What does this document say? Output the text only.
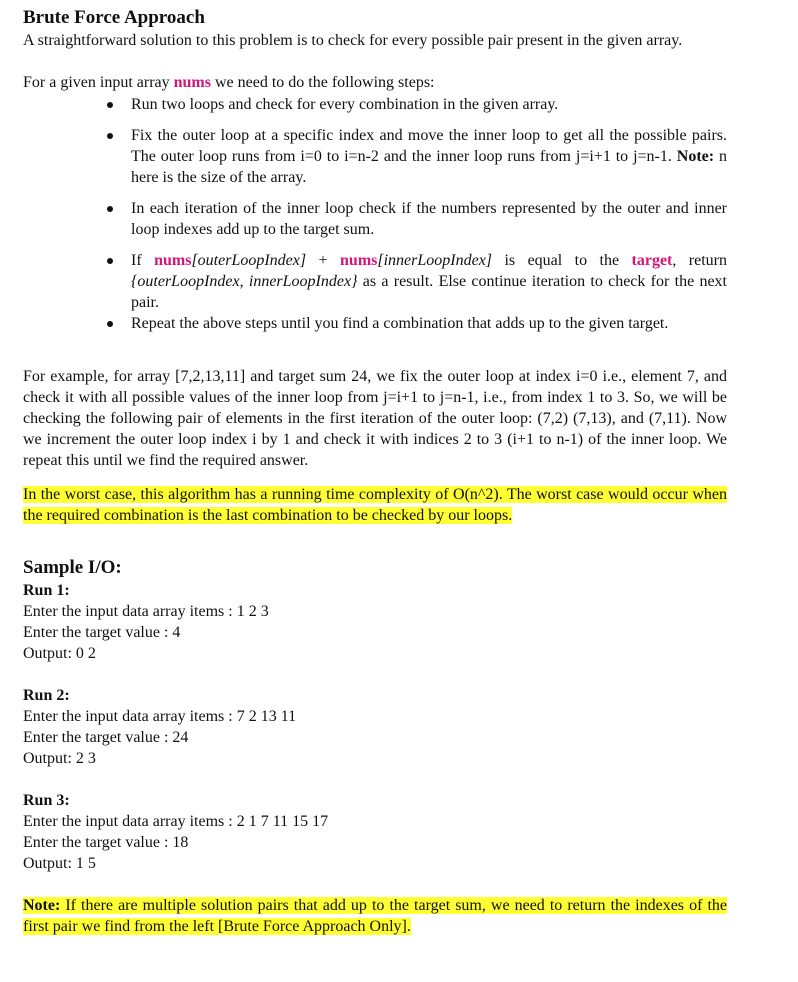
Brute Force Approach

A straightforward solution to this problem is to check for every possible pair present in the given array.

For a given input array nums we need to do the following steps:

Run two loops and check for every combination in the given array.
Fix the outer loop at a specific index and move the inner loop to get all the possible pairs. The outer loop runs from i=0 to i=n-2 and the inner loop runs from j=i+1 to j=n-1. Note: n here is the size of the array.
In each iteration of the inner loop check if the numbers represented by the outer and inner loop indexes add up to the target sum.
If nums[outerLoopIndex] + nums[innerLoopIndex] is equal to the target, return {outerLoopIndex, innerLoopIndex} as a result. Else continue iteration to check for the next pair.
Repeat the above steps until you find a combination that adds up to the given target.

For example, for array [7,2,13,11] and target sum 24, we fix the outer loop at index i=0 i.e., element 7, and check it with all possible values of the inner loop from j=i+1 to j=n-1, i.e., from index 1 to 3. So, we will be checking the following pair of elements in the first iteration of the outer loop: (7,2) (7,13), and (7,11). Now we increment the outer loop index i by 1 and check it with indices 2 to 3 (i+1 to n-1) of the inner loop. We repeat this until we find the required answer.

In the worst case, this algorithm has a running time complexity of O(n^2). The worst case would occur when the required combination is the last combination to be checked by our loops.

Sample I/O:
Run 1:
Enter the input data array items : 1 2 3
Enter the target value : 4
Output: 0 2
Run 2:
Enter the input data array items : 7 2 13 11
Enter the target value : 24
Output: 2 3
Run 3:
Enter the input data array items : 2 1 7 11 15 17
Enter the target value : 18
Output: 1 5

Note: If there are multiple solution pairs that add up to the target sum, we need to return the indexes of the first pair we find from the left [Brute Force Approach Only].
